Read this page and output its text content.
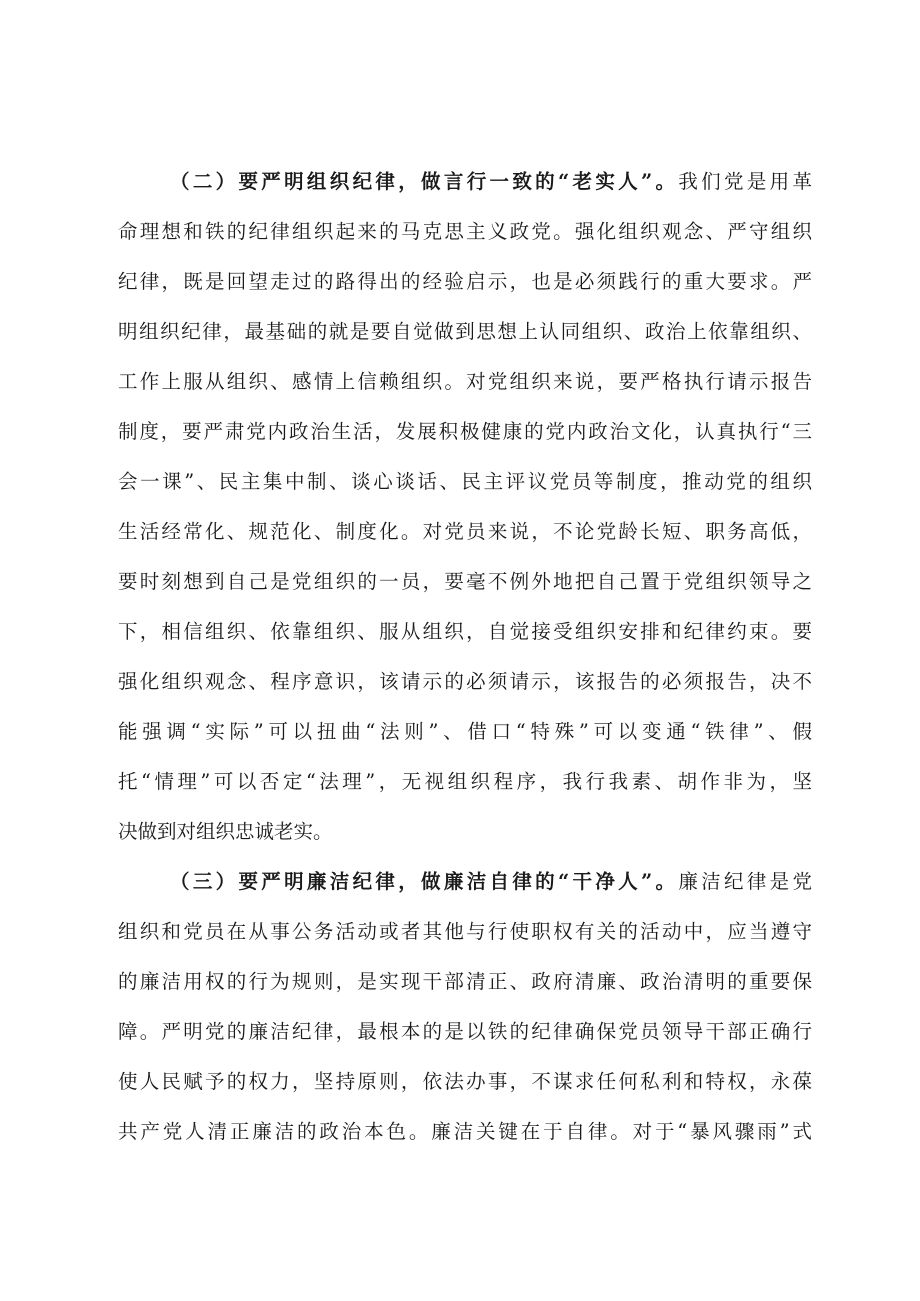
（二）要严明组织纪律，做言行一致的“老实人”。我们党是用革
命理想和铁的纪律组织起来的马克思主义政党。强化组织观念、严守组织
纪律，既是回望走过的路得出的经验启示，也是必须践行的重大要求。严
明组织纪律，最基础的就是要自觉做到思想上认同组织、政治上依靠组织、
工作上服从组织、感情上信赖组织。对党组织来说，要严格执行请示报告
制度，要严肃党内政治生活，发展积极健康的党内政治文化，认真执行“三
会一课”、民主集中制、谈心谈话、民主评议党员等制度，推动党的组织
生活经常化、规范化、制度化。对党员来说，不论党龄长短、职务高低，
要时刻想到自己是党组织的一员，要毫不例外地把自己置于党组织领导之
下，相信组织、依靠组织、服从组织，自觉接受组织安排和纪律约束。要
强化组织观念、程序意识，该请示的必须请示，该报告的必须报告，决不
能强调“实际”可以扭曲“法则”、借口“特殊”可以变通“铁律”、假
托“情理”可以否定“法理”，无视组织程序，我行我素、胡作非为，坚
决做到对组织忠诚老实。
（三）要严明廉洁纪律，做廉洁自律的“干净人”。廉洁纪律是党
组织和党员在从事公务活动或者其他与行使职权有关的活动中，应当遵守
的廉洁用权的行为规则，是实现干部清正、政府清廉、政治清明的重要保
障。严明党的廉洁纪律，最根本的是以铁的纪律确保党员领导干部正确行
使人民赋予的权力，坚持原则，依法办事，不谋求任何私利和特权，永葆
共产党人清正廉洁的政治本色。廉洁关键在于自律。对于“暴风骤雨”式
